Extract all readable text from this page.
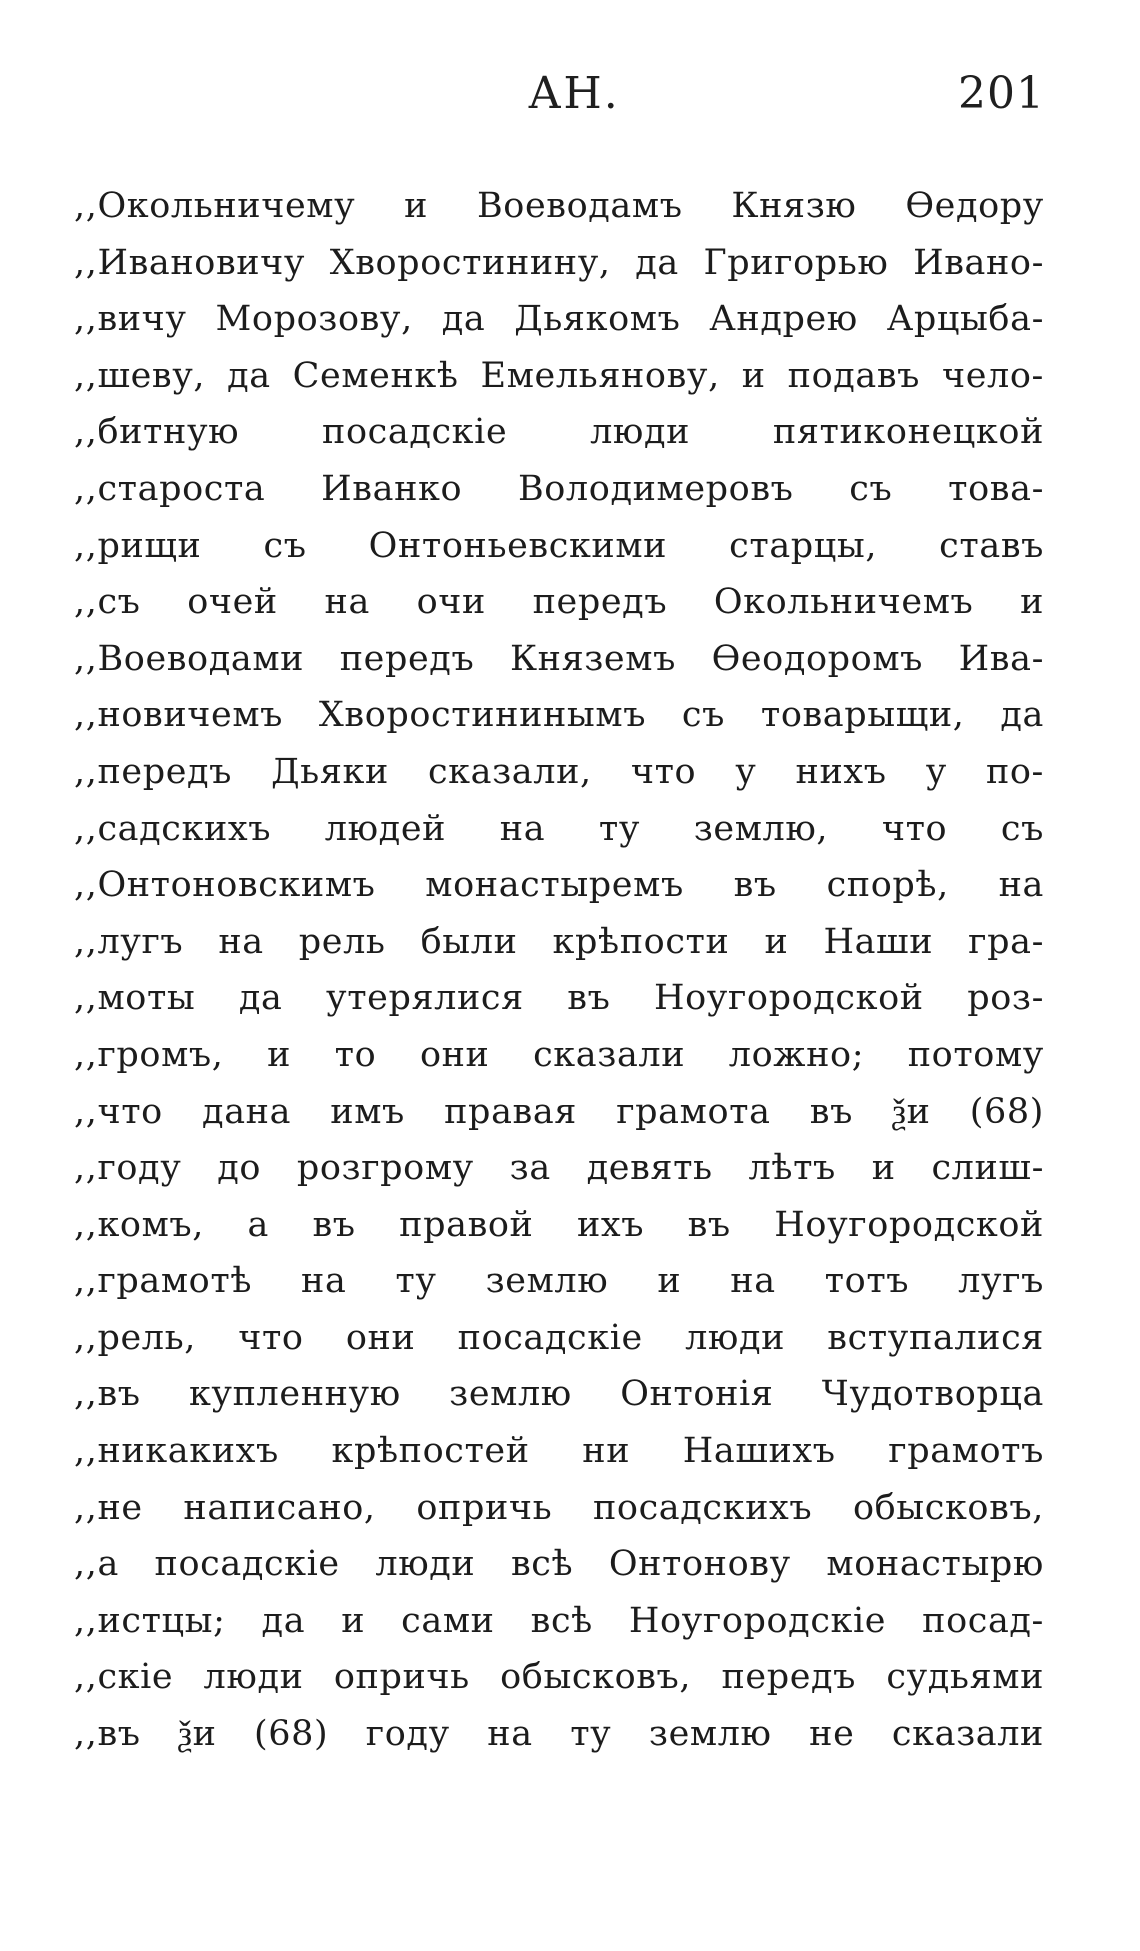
АН.	201
,,Окольничему и Воеводамъ Князю Ѳедору
,,Ивановичу Хворостинину, да Григорью Ивано-
,,вичу Морозову, да Дьякомъ Андрею Арцыба-
,,шеву, да Семенкѣ Емельянову, и подавъ чело-
,,битную посадскіе люди пятиконецкой
,,староста Иванко Володимеровъ съ това-
,,рищи съ Онтоньевскими старцы, ставъ
,,съ очей на очи передъ Окольничемъ и
,,Воеводами передъ Княземъ Ѳеодоромъ Ива-
,,новичемъ Хворостининымъ съ товарыщи, да
,,передъ Дьяки сказали, что у нихъ у по-
,,садскихъ людей на ту землю, что съ
,,Онтоновскимъ монастыремъ въ спорѣ, на
,,лугъ на рель были крѣпости и Наши гра-
,,моты да утерялися въ Ноугородской роз-
,,громъ, и то они сказали ложно; потому
,,что дана имъ правая грамота въ ѯи (68)
,,году до розгрому за девять лѣтъ и слиш-
,,комъ, а въ правой ихъ въ Ноугородской
,,грамотѣ на ту землю и на тотъ лугъ
,,рель, что они посадскіе люди вступалися
,,въ купленную землю Онтонія Чудотворца
,,никакихъ крѣпостей ни Нашихъ грамотъ
,,не написано, опричь посадскихъ обысковъ,
,,а посадскіе люди всѣ Онтонову монастырю
,,истцы; да и сами всѣ Ноугородскіе посад-
,,скіе люди опричь обысковъ, передъ судьями
,,въ ѯи (68) году на ту землю не сказали
